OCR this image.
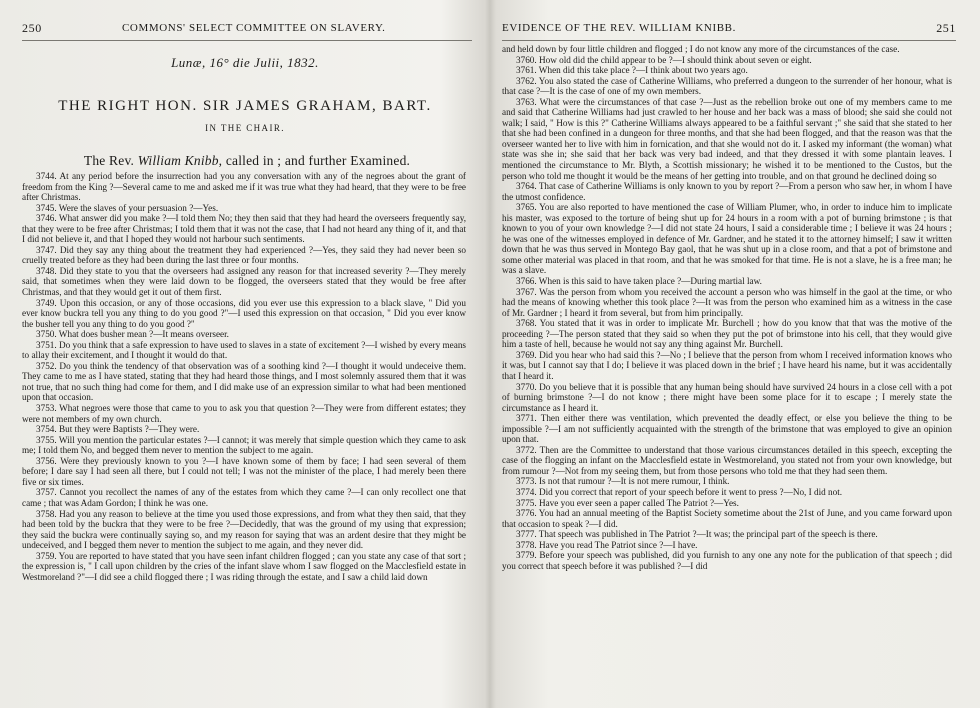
250	COMMONS' SELECT COMMITTEE ON SLAVERY.
Lunæ, 16° die Julii, 1832.
THE RIGHT HON. SIR JAMES GRAHAM, BART.
IN THE CHAIR.
The Rev. William Knibb, called in ; and further Examined.

3744. At any period before the insurrection had you any conversation with any of the negroes about the grant of freedom from the King ?—Several came to me and asked me if it was true what they had heard, that they were to be free after Christmas.

3745. Were the slaves of your persuasion ?—Yes.

3746. What answer did you make ?—I told them No; they then said that they had heard the overseers frequently say, that they were to be free after Christmas; I told them that it was not the case, that I had not heard any thing of it, and that I did not believe it, and that I hoped they would not harbour such sentiments.

3747. Did they say any thing about the treatment they had experienced ?—Yes, they said they had never been so cruelly treated before as they had been during the last three or four months.

3748. Did they state to you that the overseers had assigned any reason for that increased severity ?—They merely said, that sometimes when they were laid down to be flogged, the overseers stated that they would be free after Christmas, and that they would get it out of them first.

3749. Upon this occasion, or any of those occasions, did you ever use this expression to a black slave, " Did you ever know buckra tell you any thing to do you good ?"—I used this expression on that occasion, " Did you ever know the busher tell you any thing to do you good ?"

3750. What does busher mean ?—It means overseer.

3751. Do you think that a safe expression to have used to slaves in a state of excitement ?—I wished by every means to allay their excitement, and I thought it would do that.

3752. Do you think the tendency of that observation was of a soothing kind ?—I thought it would undeceive them. They came to me as I have stated, stating that they had heard those things, and I most solemnly assured them that it was not true, that no such thing had come for them, and I did make use of an expression similar to what had been mentioned upon that occasion.

3753. What negroes were those that came to you to ask you that question ?—They were from different estates; they were not members of my own church.

3754. But they were Baptists ?—They were.

3755. Will you mention the particular estates ?—I cannot; it was merely that simple question which they came to ask me; I told them No, and begged them never to mention the subject to me again.

3756. Were they previously known to you ?—I have known some of them by face; I had seen several of them before; I dare say I had seen all there, but I could not tell; I was not the minister of the place, I had merely been there five or six times.

3757. Cannot you recollect the names of any of the estates from which they came ?—I can only recollect one that came ; that was Adam Gordon; I think he was one.

3758. Had you any reason to believe at the time you used those expressions, and from what they then said, that they had been told by the buckra that they were to be free ?—Decidedly, that was the ground of my using that expression; they said the buckra were continually saying so, and my reason for saying that was an ardent desire that they might be undeceived, and I begged them never to mention the subject to me again, and they never did.

3759. You are reported to have stated that you have seen infant children flogged ; can you state any case of that sort ; the expression is, " I call upon children by the cries of the infant slave whom I saw flogged on the Macclesfield estate in Westmoreland ?"—I did see a child flogged there ; I was riding through the estate, and I saw a child laid down

EVIDENCE OF THE REV. WILLIAM KNIBB.	251

and held down by four little children and flogged ; I do not know any more of the circumstances of the case.

3760. How old did the child appear to be ?—I should think about seven or eight.

3761. When did this take place ?—I think about two years ago.

3762. You also stated the case of Catherine Williams, who preferred a dungeon to the surrender of her honour, what is that case ?—It is the case of one of my own members.

3763. What were the circumstances of that case ?—Just as the rebellion broke out one of my members came to me and said that Catherine Williams had just crawled to her house and her back was a mass of blood; she said she could not walk; I said, " How is this ?" Catherine Williams always appeared to be a faithful servant ;" she said that she stated to her that she had been confined in a dungeon for three months, and that she had been flogged, and that the reason was that the overseer wanted her to live with him in fornication, and that she would not do it. I asked my informant (the woman) what state was she in; she said that her back was very bad indeed, and that they dressed it with some plantain leaves. I mentioned the circumstance to Mr. Blyth, a Scottish missionary; he wished it to be mentioned to the Custos, but the person who told me thought it would be the means of her getting into trouble, and on that ground he declined doing so

3764. That case of Catherine Williams is only known to you by report ?—From a person who saw her, in whom I have the utmost confidence.

3765. You are also reported to have mentioned the case of William Plumer, who, in order to induce him to implicate his master, was exposed to the torture of being shut up for 24 hours in a room with a pot of burning brimstone ; is that known to you of your own knowledge ?—I did not state 24 hours, I said a considerable time ; I believe it was 24 hours ; he was one of the witnesses employed in defence of Mr. Gardner, and he stated it to the attorney himself; I saw it written down that he was thus served in Montego Bay gaol, that he was shut up in a close room, and that a pot of brimstone and some other material was placed in that room, and that he was smoked for that time. He is not a slave, he is a free man; he was a slave.

3766. When is this said to have taken place ?—During martial law.

3767. Was the person from whom you received the account a person who was himself in the gaol at the time, or who had the means of knowing whether this took place ?—It was from the person who examined him as a witness in the case of Mr. Gardner ; I heard it from several, but from him principally.

3768. You stated that it was in order to implicate Mr. Burchell ; how do you know that that was the motive of the proceeding ?—The person stated that they said so when they put the pot of brimstone into his cell, that they would give him a taste of hell, because he would not say any thing against Mr. Burchell.

3769. Did you hear who had said this ?—No ; I believe that the person from whom I received information knows who it was, but I cannot say that I do; I believe it was placed down in the brief ; I have heard his name, but it was accidentally that I heard it.

3770. Do you believe that it is possible that any human being should have survived 24 hours in a close cell with a pot of burning brimstone ?—I do not know ; there might have been some place for it to escape ; I merely state the circumstance as I heard it.

3771. Then either there was ventilation, which prevented the deadly effect, or else you believe the thing to be impossible ?—I am not sufficiently acquainted with the strength of the brimstone that was employed to give an opinion upon that.

3772. Then are the Committee to understand that those various circumstances detailed in this speech, excepting the case of the flogging an infant on the Macclesfield estate in Westmoreland, you stated not from your own knowledge, but from rumour ?—Not from my seeing them, but from those persons who told me that they had seen them.

3773. Is not that rumour ?—It is not mere rumour, I think.

3774. Did you correct that report of your speech before it went to press ?—No, I did not.

3775. Have you ever seen a paper called The Patriot ?—Yes.

3776. You had an annual meeting of the Baptist Society sometime about the 21st of June, and you came forward upon that occasion to speak ?—I did.

3777. That speech was published in The Patriot ?—It was; the principal part of the speech is there.

3778. Have you read The Patriot since ?—I have.

3779. Before your speech was published, did you furnish to any one any note for the publication of that speech ; did you correct that speech before it was published ?—I did
